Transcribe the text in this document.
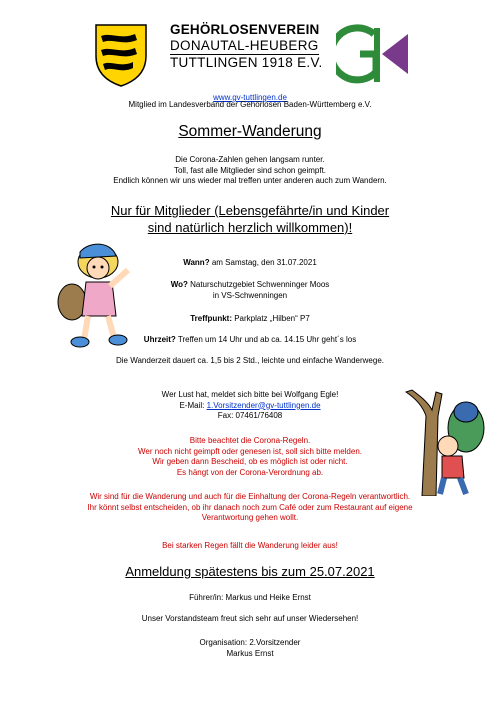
GEHÖRLOSENVEREIN
DONAUTAL-HEUBERG
TUTTLINGEN 1918 E.V.
www.gv-tuttlingen.de
Mitglied im Landesverband der Gehörlosen Baden-Württemberg e.V.
Sommer-Wanderung
Die Corona-Zahlen gehen langsam runter.
Toll, fast alle Mitglieder sind schon geimpft.
Endlich können wir uns wieder mal treffen unter anderen auch zum Wandern.
Nur für Mitglieder (Lebensgefährte/in und Kinder
sind natürlich herzlich willkommen)!
Wann? am Samstag, den 31.07.2021
Wo? Naturschutzgebiet Schwenninger Moos
in VS-Schwenningen
Treffpunkt: Parkplatz „Hilben“ P7
Uhrzeit? Treffen um 14 Uhr und ab ca. 14.15 Uhr geht´s los
Die Wanderzeit dauert ca. 1,5 bis 2 Std., leichte und einfache Wanderwege.
Wer Lust hat, meldet sich bitte bei Wolfgang Egle!
E-Mail: 1.Vorsitzender@gv-tuttlingen.de
Fax: 07461/76408
Bitte beachtet die Corona-Regeln.
Wer noch nicht geimpft oder genesen ist, soll sich bitte melden.
Wir geben dann Bescheid, ob es möglich ist oder nicht.
Es hängt von der Corona-Verordnung ab.
Wir sind für die Wanderung und auch für die Einhaltung der Corona-Regeln verantwortlich.
Ihr könnt selbst entscheiden, ob ihr danach noch zum Café oder zum Restaurant auf eigene
Verantwortung gehen wollt.
Bei starken Regen fällt die Wanderung leider aus!
Anmeldung spätestens bis zum 25.07.2021
Führer/in: Markus und Heike Ernst
Unser Vorstandsteam freut sich sehr auf unser Wiedersehen!
Organisation: 2.Vorsitzender
Markus Ernst
